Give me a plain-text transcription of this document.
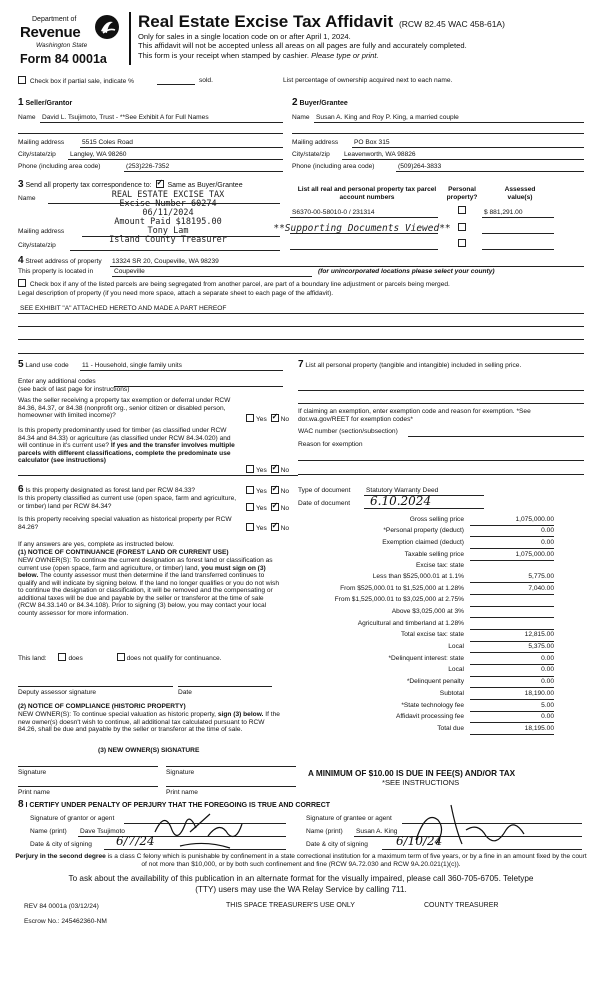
Department of
Revenue
Washington State
Form 84 0001a
Real Estate Excise Tax Affidavit (RCW 82.45 WAC 458-61A)
Only for sales in a single location code on or after April 1, 2024.
This affidavit will not be accepted unless all areas on all pages are fully and accurately completed.
This form is your receipt when stamped by cashier. Please type or print.
Check box if partial sale, indicate %	sold.	List percentage of ownership acquired next to each name.
1 Seller/Grantor
Name David L. Tsujimoto, Trust - **See Exhibit A for Full Names
Mailing address	5515 Coles Road
City/state/zip Langley, WA 98260
Phone (including area code)	(253)226-7352
2 Buyer/Grantee
Name Susan A. King and Roy P. King, a married couple
Mailing address PO Box 315
City/state/zip Leavenworth, WA 98826
Phone (including area code)	(509)264-3833
3 Send all property tax correspondence to: ✓ Same as Buyer/Grantee
Name
Mailing address
City/state/zip
REAL ESTATE EXCISE TAX
Excise Number 60274
06/11/2024
Amount Paid $18195.00
Tony Lam
Island County Treasurer
List all real and personal property tax parcel account numbers
Personal property?
Assessed value(s)
S6370-00-58010-0 / 231314	$ 881,291.00
**Supporting Documents Viewed**
4 Street address of property 13324 SR 20, Coupeville, WA 98239
This property is located in	Coupeville	(for unincorporated locations please select your county)
Check box if any of the listed parcels are being segregated from another parcel, are part of a boundary line adjustment or parcels being merged.
Legal description of property (if you need more space, attach a separate sheet to each page of the affidavit).
SEE EXHIBIT "A" ATTACHED HERETO AND MADE A PART HEREOF
5 Land use code 11 - Household, single family units
Enter any additional codes
(see back of last page for instructions)
Was the seller receiving a property tax exemption or deferral under RCW 84.36, 84.37, or 84.38 (nonprofit org., senior citizen or disabled person, homeowner with limited income)?
Yes ✓ No
Is this property predominantly used for timber (as classified under RCW 84.34 and 84.33) or agriculture (as classified under RCW 84.34.020) and will continue in it's current use? If yes and the transfer involves multiple parcels with different classifications, complete the predominate use calculator (see instructions)
Yes ✓ No
7 List all personal property (tangible and intangible) included in selling price.
If claiming an exemption, enter exemption code and reason for exemption. *See dor.wa.gov/REET for exemption codes*
WAC number (section/subsection)
Reason for exemption
6 Is this property designated as forest land per RCW 84.33?	Yes ✓ No
Is this property classified as current use (open space, farm and agriculture, or timber) land per RCW 84.34?	Yes ✓ No
Is this property receiving special valuation as historical property per RCW 84.26?	Yes ✓ No
If any answers are yes, complete as instructed below.
(1) NOTICE OF CONTINUANCE (FOREST LAND OR CURRENT USE)
NEW OWNER(S): To continue the current designation as forest land or classification as current use (open space, farm and agriculture, or timber) land, you must sign on (3) below. The county assessor must then determine if the land transferred continues to qualify and will indicate by signing below. If the land no longer qualifies or you do not wish to continue the designation or classification, it will be removed and the compensating or additional taxes will be due and payable by the seller or transferor at the time of sale (RCW 84.33.140 or 84.34.108). Prior to signing (3) below, you may contact your local county assessor for more information.
This land:	does	does not qualify for continuance.
Deputy assessor signature	Date
(2) NOTICE OF COMPLIANCE (HISTORIC PROPERTY)
NEW OWNER(S): To continue special valuation as historic property, sign (3) below. If the new owner(s) doesn't wish to continue, all additional tax calculated pursuant to RCW 84.26, shall be due and payable by the seller or transferor at the time of sale.
(3) NEW OWNER(S) SIGNATURE
Signature	Signature
Print name	Print name
Type of document Statutory Warranty Deed
Date of document 6.10.2024
Gross selling price	1,075,000.00
*Personal property (deduct)	0.00
Exemption claimed (deduct)	0.00
Taxable selling price	1,075,000.00
Excise tax: state	
Less than $525,000.01 at 1.1%	5,775.00
From $525,000.01 to $1,525,000 at 1.28%	7,040.00
From $1,525,000.01 to $3,025,000 at 2.75%	
Above $3,025,000 at 3%	
Agricultural and timberland at 1.28%	
Total excise tax: state	12,815.00
Local	5,375.00
*Delinquent interest: state	0.00
Local	0.00
*Delinquent penalty	0.00
Subtotal	18,190.00
*State technology fee	5.00
Affidavit processing fee	0.00
Total due	18,195.00
A MINIMUM OF $10.00 IS DUE IN FEE(S) AND/OR TAX
*SEE INSTRUCTIONS
8 I CERTIFY UNDER PENALTY OF PERJURY THAT THE FOREGOING IS TRUE AND CORRECT
Signature of grantor or agent
Name (print) Dave Tsujimoto
Date & city of signing 6/7/24
Signature of grantee or agent
Name (print) Susan A. King
Date & city of signing 6/10/24
Perjury in the second degree is a class C felony which is punishable by confinement in a state correctional institution for a maximum term of five years, or by a fine in an amount fixed by the court of not more than $10,000, or by both such confinement and fine (RCW 9A.72.030 and RCW 9A.20.021(1)(c)).
To ask about the availability of this publication in an alternate format for the visually impaired, please call 360-705-6705. Teletype
(TTY) users may use the WA Relay Service by calling 711.
REV 84 0001a (03/12/24)	THIS SPACE TREASURER'S USE ONLY	COUNTY TREASURER
Escrow No.: 245462360-NM
